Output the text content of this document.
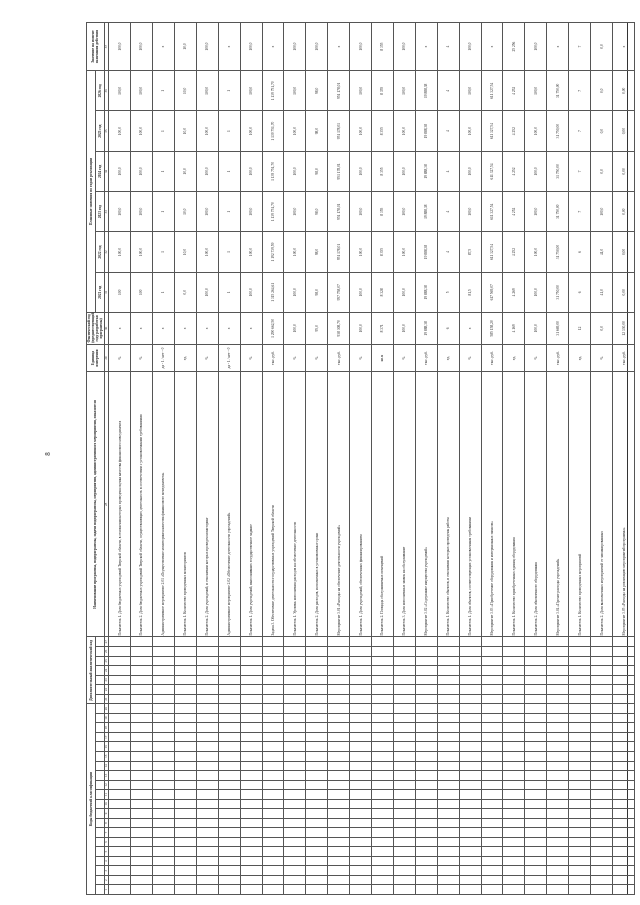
8
Коды бюджетной классификации																				Дополнительный аналитический код							Наименование программы, подпрограммы, задачи подпрограммы, мероприятия, административного мероприятия, показателя	Единица измерения	Фактический год (предшествующий году разработки программы)	Плановые значения по годам реализации						Значение на момент окончания действия
																														2021 год	2022 год	2023 год	2024 год	2025 год	2026 год	
1	2	3	4	5	6	7	8	9	10	11	12	13	14	15	16	17	18	19	20	21	22	23	24	25	26	27	28	29	30	31	32	33	34	35	36	37
																											Показатель 1. Доля бюджетных учреждений Тверской области, в отношении которых проведена оценка качества финансового менеджмента	%	х	100	100,0	100,0	100,0	100,0	100,0	100,0
																											Показатель 2. Доля бюджетных учреждений Тверской области, осуществляющих деятельность в соответствии с установленными требованиями	%	х	100	100,0	100,0	100,0	100,0	100,0	100,0
																											Административное мероприятие 2.01 «Осуществление мониторинга качества финансового менеджмента»	да - 1 / нет - 0	х	1	1	1	1	1	1	х
																											Показатель 1. Количество проведенных мониторингов	ед.	х	0,0	10,0	10,0	10,0	10,0	10,0	10,0
																											Показатель 2. Доля учреждений, в отношении которых проведен мониторинг	%	х	100,0	100,0	100,0	100,0	100,0	100,0	100,0
																											Административное мероприятие 2.02 «Обеспечение деятельности учреждений»	да - 1 / нет - 0	х	1	1	1	1	1	1	х
																											Показатель 1. Доля учреждений, выполнивших государственное задание	%	х	100,0	100,0	100,0	100,0	100,0	100,0	100,0
																											Задача 3. Обеспечение деятельности государственных учреждений Тверской области	тыс. руб.	1 290 662,50	1 315 264,61	1 192 739,59	1 139 751,70	1 139 751,70	1 139 751,70	1 139 751,70	х
																											Показатель 1. Уровень исполнения расходов на обеспечение деятельности	%	100,0	100,0	100,0	100,0	100,0	100,0	100,0	100,0
																											Показатель 2. Доля расходов, исполненных в установленные сроки	%	95,0	98,0	98,0	98,0	98,0	98,0	98,0	100,0
																											Мероприятие 3.01 «Расходы на обеспечение деятельности учреждений»	тыс. руб.	938 308,70	957 758,07	951 178,01	951 178,01	951 178,01	951 178,01	951 178,01	х
																											Показатель 1. Доля учреждений, обеспеченных финансированием	%	100,0	100,0	100,0	100,0	100,0	100,0	100,0	100,0
																											Показатель 2. Площадь обслуживаемых помещений	кв.м	8 371	8 328	8 355	8 355	8 355	8 355	8 355	8 355
																											Показатель 3. Доля исполненных заявок на обслуживание	%	100,0	100,0	100,0	100,0	100,0	100,0	100,0	100,0
																											Мероприятие 3.02 «Содержание имущества учреждений»	тыс. руб.	19 888,38	19 888,38	19 888,38	19 888,38	19 888,38	19 888,38	19 888,38	х
																											Показатель 1. Количество объектов, в отношении которых проведены работы	ед.	6	5	4	4	4	4	4	4
																											Показатель 1. Доля объектов, соответствующих установленным требованиям	%	х	81,5	87,5	100,0	100,0	100,0	100,0	100,0
																											Мероприятие 3.03 «Приобретение оборудования и материальных запасов»	тыс. руб.	585 158,20	617 569,07	611 327,54	611 327,54	611 327,54	611 327,54	611 327,54	х
																											Показатель 1. Количество приобретенных единиц оборудования	ед.	4 169	4 269	4 252	4 252	4 252	4 252	4 252	25 256
																											Показатель 2. Доля обновленного оборудования	%	100,0	100,0	100,0	100,0	100,0	100,0	100,0	100,0
																											Мероприятие 3.04 «Прочие расходы учреждений»	тыс. руб.	31 669,00	31 750,00	31 750,00	31 750,00	31 750,00	31 750,00	31 750,00	х
																											Показатель 1. Количество проведенных мероприятий	ед.	12	6	6	7	7	7	7	7
																											Показатель 2. Доля выполненных мероприятий от запланированных	%	0,0	41,0	41,0	100,0	0,0	0,0	0,0	0,0
																											Мероприятие 3.05 «Расходы на реализацию мероприятий программы»	тыс. руб.	12 330,00	0,00	0,00	0,00	0,00	0,00	0,00	х
